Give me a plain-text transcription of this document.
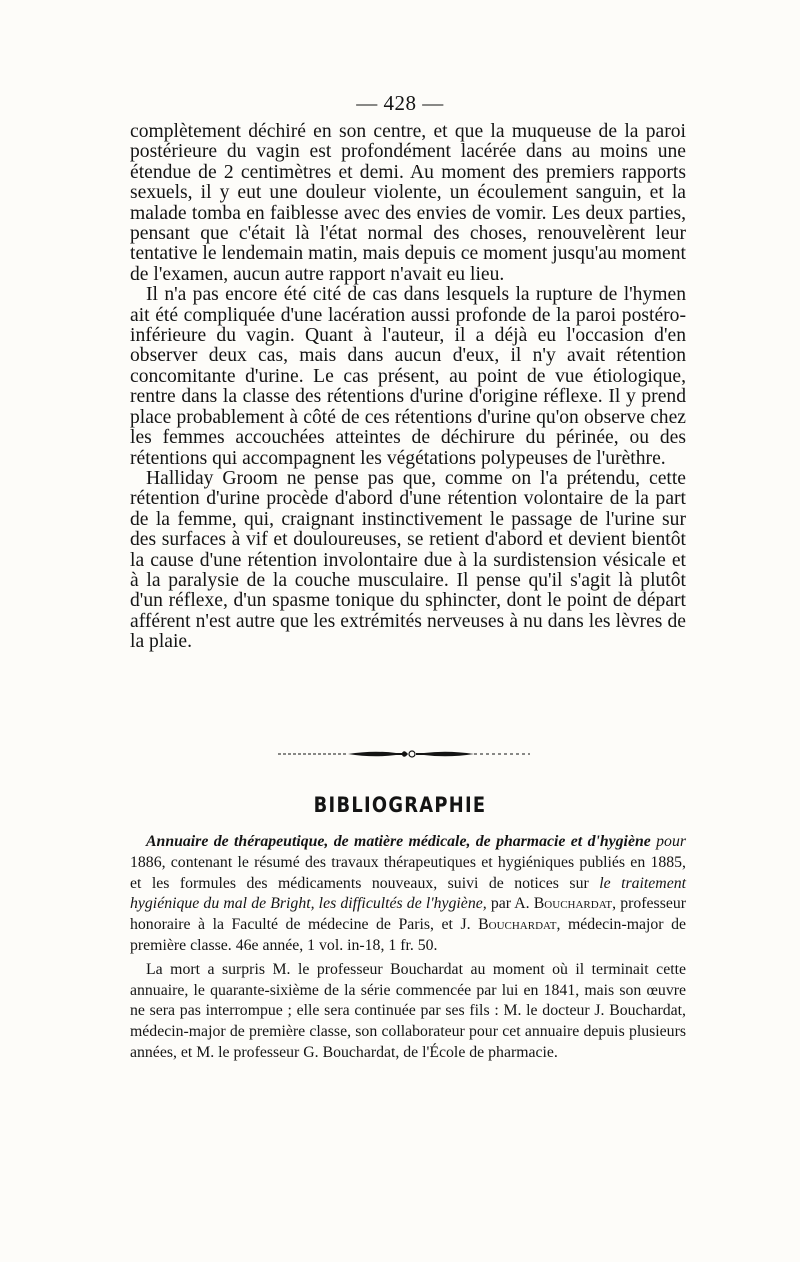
— 428 —

complètement déchiré en son centre, et que la muqueuse de la paroi postérieure du vagin est profondément lacérée dans au moins une étendue de 2 centimètres et demi. Au moment des premiers rapports sexuels, il y eut une douleur violente, un écoulement sanguin, et la malade tomba en faiblesse avec des envies de vomir. Les deux parties, pensant que c'était là l'état normal des choses, renouvelèrent leur tentative le lendemain matin, mais depuis ce moment jusqu'au moment de l'examen, aucun autre rapport n'avait eu lieu.

Il n'a pas encore été cité de cas dans lesquels la rupture de l'hymen ait été compliquée d'une lacération aussi profonde de la paroi postéro-inférieure du vagin. Quant à l'auteur, il a déjà eu l'occasion d'en observer deux cas, mais dans aucun d'eux, il n'y avait rétention concomitante d'urine. Le cas présent, au point de vue étiologique, rentre dans la classe des rétentions d'urine d'origine réflexe. Il y prend place probablement à côté de ces rétentions d'urine qu'on observe chez les femmes accouchées atteintes de déchirure du périnée, ou des rétentions qui accompagnent les végétations polypeuses de l'urèthre.

Halliday Groom ne pense pas que, comme on l'a prétendu, cette rétention d'urine procède d'abord d'une rétention volontaire de la part de la femme, qui, craignant instinctivement le passage de l'urine sur des surfaces à vif et douloureuses, se retient d'abord et devient bientôt la cause d'une rétention involontaire due à la surdistension vésicale et à la paralysie de la couche musculaire. Il pense qu'il s'agit là plutôt d'un réflexe, d'un spasme tonique du sphincter, dont le point de départ afférent n'est autre que les extrémités nerveuses à nu dans les lèvres de la plaie.

BIBLIOGRAPHIE

Annuaire de thérapeutique, de matière médicale, de pharmacie et d'hygiène pour 1886, contenant le résumé des travaux thérapeutiques et hygiéniques publiés en 1885, et les formules des médicaments nouveaux, suivi de notices sur le traitement hygiénique du mal de Bright, les difficultés de l'hygiène, par A. Bouchardat, professeur honoraire à la Faculté de médecine de Paris, et J. Bouchardat, médecin-major de première classe. 46e année, 1 vol. in-18, 1 fr. 50.

La mort a surpris M. le professeur Bouchardat au moment où il terminait cette annuaire, le quarante-sixième de la série commencée par lui en 1841, mais son œuvre ne sera pas interrompue ; elle sera continuée par ses fils : M. le docteur J. Bouchardat, médecin-major de première classe, son collaborateur pour cet annuaire depuis plusieurs années, et M. le professeur G. Bouchardat, de l'École de pharmacie.
